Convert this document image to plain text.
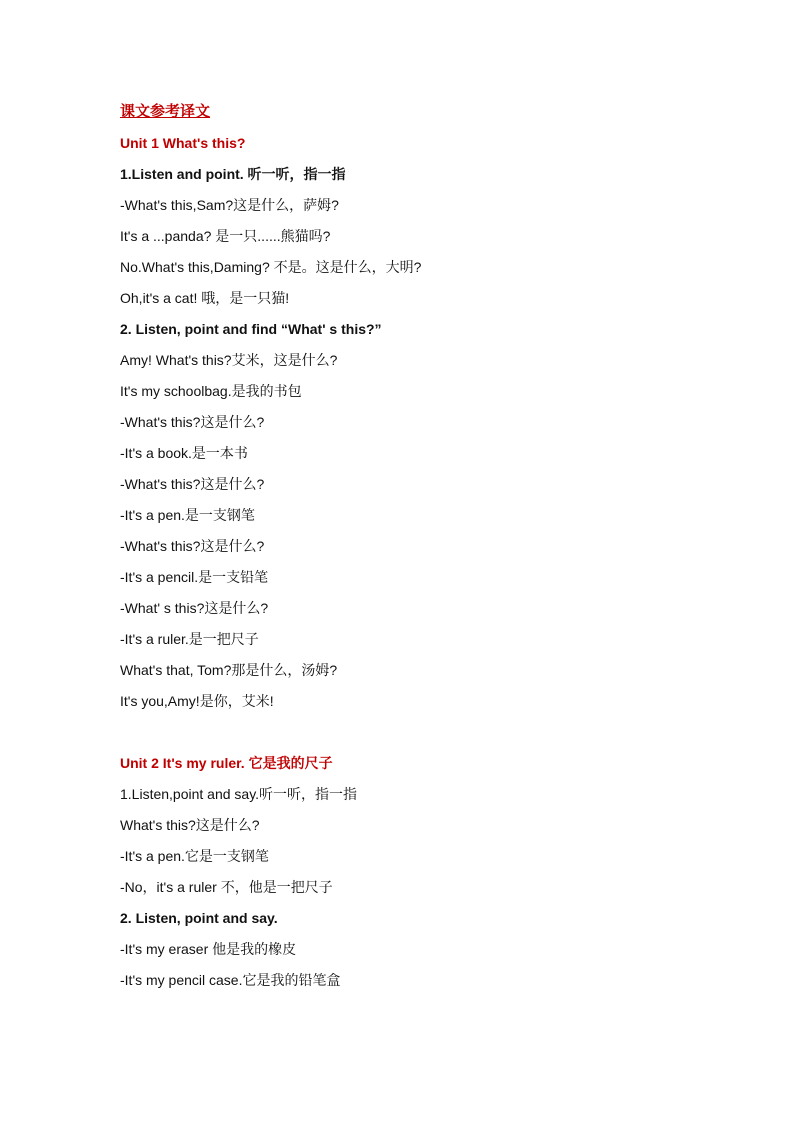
课文参考译文
Unit 1 What's this?
1.Listen and point. 听一听，指一指
-What's this,Sam?这是什么，萨姆?
It's a ...panda? 是一只......熊猫吗?
No.What's this,Daming? 不是。这是什么，大明?
Oh,it's a cat! 哦，是一只猫!
2. Listen, point and find “What' s this?”
Amy! What's this?艾米，这是什么?
It's my schoolbag.是我的书包
-What's this?这是什么?
-It's a book.是一本书
-What's this?这是什么?
-It's a pen.是一支钢笔
-What's this?这是什么?
-It's a pencil.是一支铅笔
-What' s this?这是什么?
-It's a ruler.是一把尺子
What's that, Tom?那是什么，汤姆?
It's you,Amy!是你，艾米!
Unit 2 It's my ruler. 它是我的尺子
1.Listen,point and say.听一听，指一指
What's this?这是什么?
-It's a pen.它是一支钢笔
-No，it's a ruler 不，他是一把尺子
2. Listen, point and say.
-It's my eraser 他是我的橡皮
-It's my pencil case.它是我的铅笔盒
